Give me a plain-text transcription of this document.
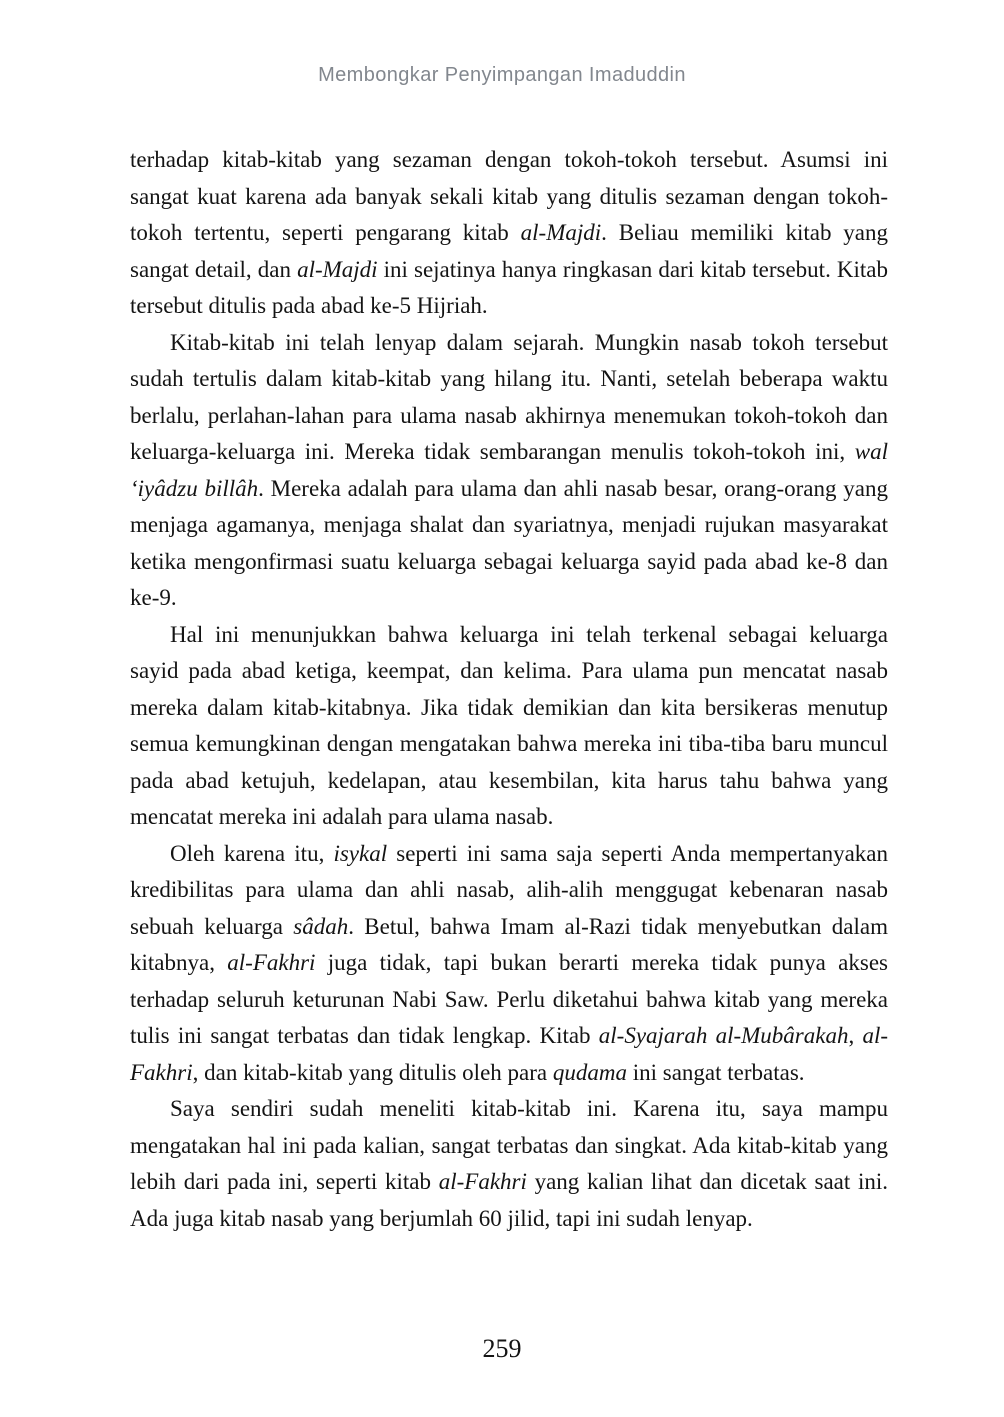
Membongkar Penyimpangan Imaduddin

terhadap kitab-kitab yang sezaman dengan tokoh-tokoh tersebut. Asumsi ini sangat kuat karena ada banyak sekali kitab yang ditulis sezaman dengan tokoh-tokoh tertentu, seperti pengarang kitab al-Majdi. Beliau memiliki kitab yang sangat detail, dan al-Majdi ini sejatinya hanya ringkasan dari kitab tersebut. Kitab tersebut ditulis pada abad ke-5 Hijriah.

Kitab-kitab ini telah lenyap dalam sejarah. Mungkin nasab tokoh tersebut sudah tertulis dalam kitab-kitab yang hilang itu. Nanti, setelah beberapa waktu berlalu, perlahan-lahan para ulama nasab akhirnya menemukan tokoh-tokoh dan keluarga-keluarga ini. Mereka tidak sembarangan menulis tokoh-tokoh ini, wal ‘iyâdzu billâh. Mereka adalah para ulama dan ahli nasab besar, orang-orang yang menjaga agamanya, menjaga shalat dan syariatnya, menjadi rujukan masyarakat ketika mengonfirmasi suatu keluarga sebagai keluarga sayid pada abad ke-8 dan ke-9.

Hal ini menunjukkan bahwa keluarga ini telah terkenal sebagai keluarga sayid pada abad ketiga, keempat, dan kelima. Para ulama pun mencatat nasab mereka dalam kitab-kitabnya. Jika tidak demikian dan kita bersikeras menutup semua kemungkinan dengan mengatakan bahwa mereka ini tiba-tiba baru muncul pada abad ketujuh, kedelapan, atau kesembilan, kita harus tahu bahwa yang mencatat mereka ini adalah para ulama nasab.

Oleh karena itu, isykal seperti ini sama saja seperti Anda mempertanyakan kredibilitas para ulama dan ahli nasab, alih-alih menggugat kebenaran nasab sebuah keluarga sâdah. Betul, bahwa Imam al-Razi tidak menyebutkan dalam kitabnya, al-Fakhri juga tidak, tapi bukan berarti mereka tidak punya akses terhadap seluruh keturunan Nabi Saw. Perlu diketahui bahwa kitab yang mereka tulis ini sangat terbatas dan tidak lengkap. Kitab al-Syajarah al-Mubârakah, al-Fakhri, dan kitab-kitab yang ditulis oleh para qudama ini sangat terbatas.

Saya sendiri sudah meneliti kitab-kitab ini. Karena itu, saya mampu mengatakan hal ini pada kalian, sangat terbatas dan singkat. Ada kitab-kitab yang lebih dari pada ini, seperti kitab al-Fakhri yang kalian lihat dan dicetak saat ini. Ada juga kitab nasab yang berjumlah 60 jilid, tapi ini sudah lenyap.

259
